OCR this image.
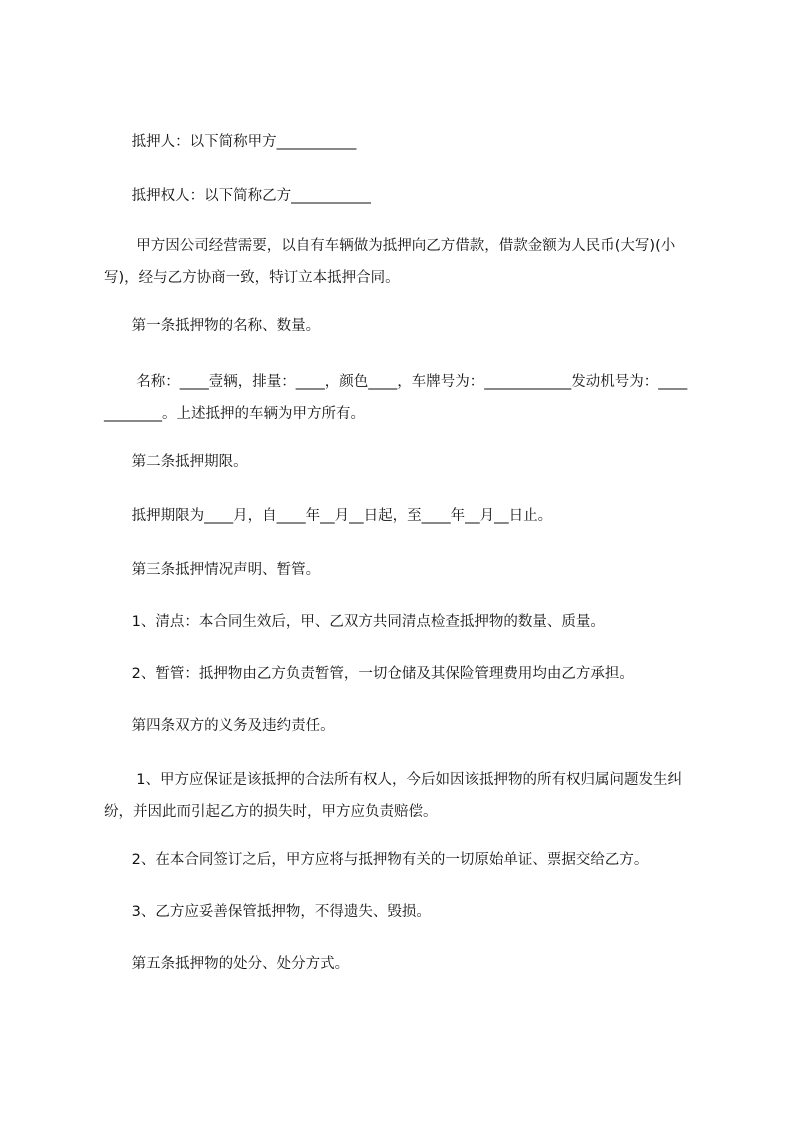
抵押人：以下简称甲方___________

抵押权人：以下简称乙方___________

甲方因公司经营需要，以自有车辆做为抵押向乙方借款，借款金额为人民币(大写)(小写)，经与乙方协商一致，特订立本抵押合同。

第一条抵押物的名称、数量。

名称：____壹辆，排量：____，颜色____，车牌号为：____________发动机号为：____________。上述抵押的车辆为甲方所有。

第二条抵押期限。

抵押期限为____月，自____年__月__日起，至____年__月__日止。

第三条抵押情况声明、暂管。

1、清点：本合同生效后，甲、乙双方共同清点检查抵押物的数量、质量。

2、暂管：抵押物由乙方负责暂管，一切仓储及其保险管理费用均由乙方承担。

第四条双方的义务及违约责任。

1、甲方应保证是该抵押的合法所有权人，今后如因该抵押物的所有权归属问题发生纠纷，并因此而引起乙方的损失时，甲方应负责赔偿。

2、在本合同签订之后，甲方应将与抵押物有关的一切原始单证、票据交给乙方。

3、乙方应妥善保管抵押物，不得遗失、毁损。

第五条抵押物的处分、处分方式。
